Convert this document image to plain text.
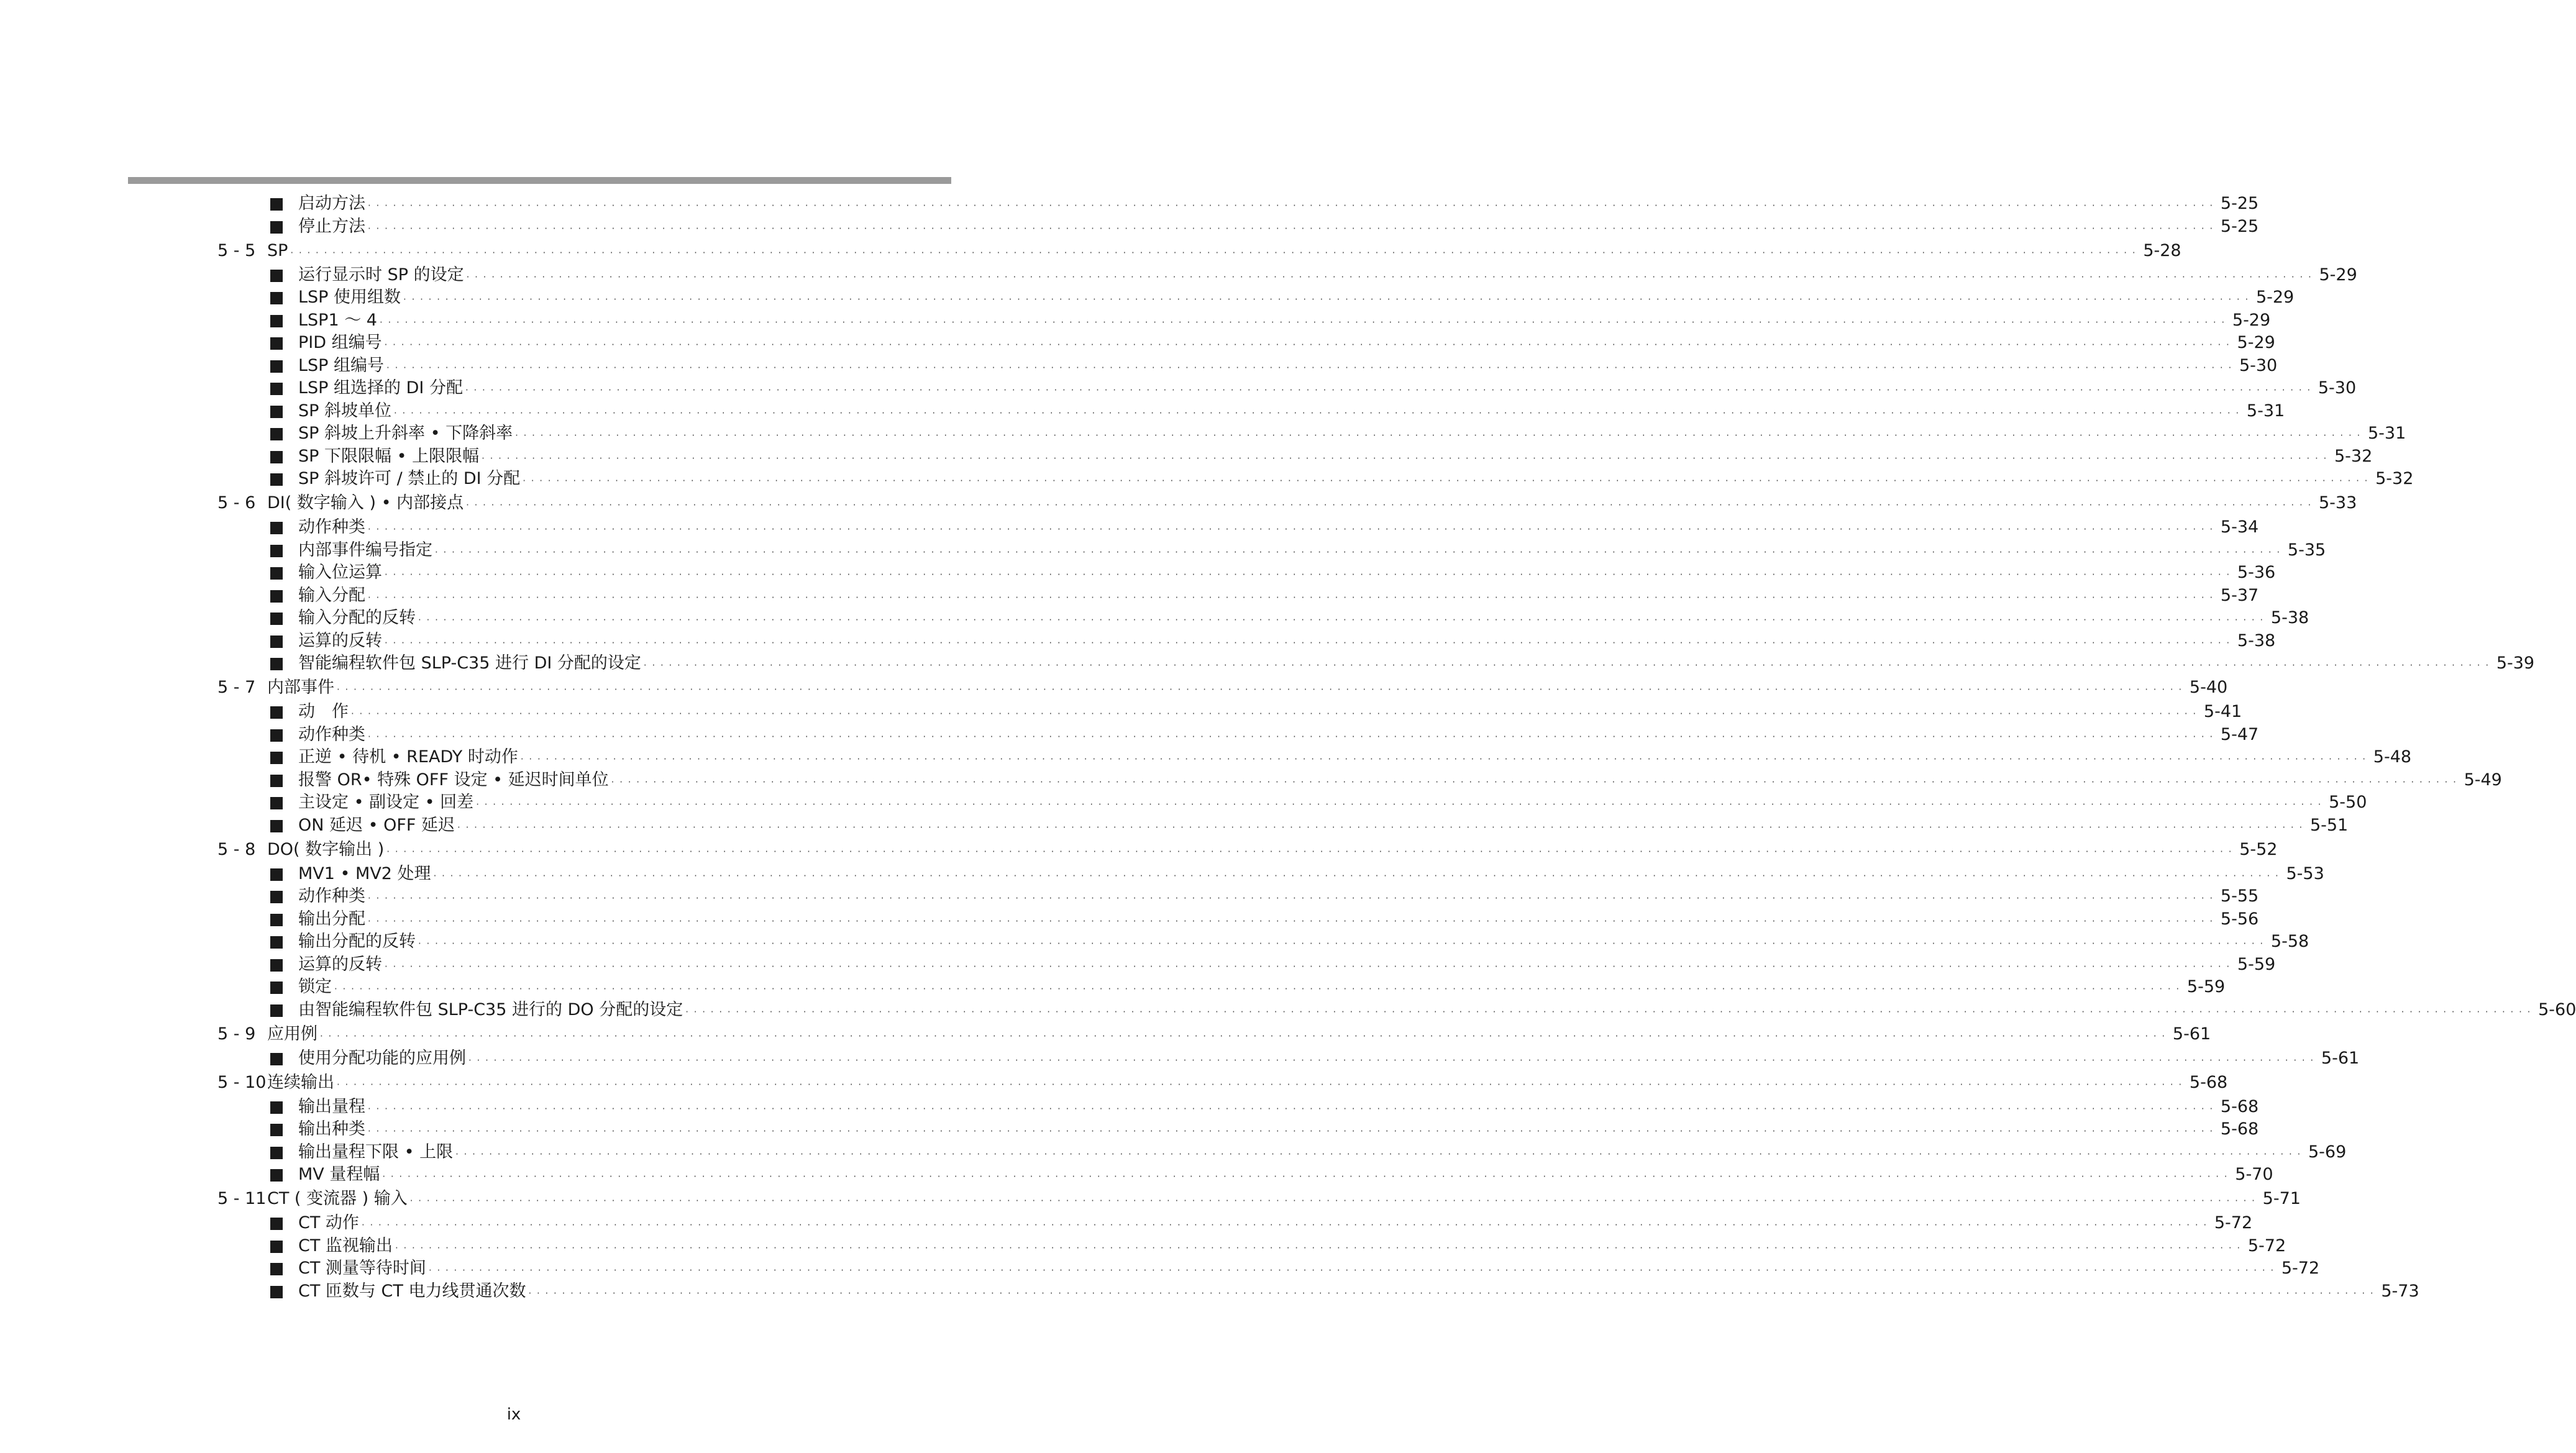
启动方法 · · · · · · · · · · · · · · · · · · · · · · · · · · · · · · · · · · · · · · · · · · · · · · · · · · · · · · · · · · · · · · · · · · · · · · · · · · · · · · · · · · · · · · · · · · · · · · · · · · · · · · · · · · · · · · · · · · · · · · · · · · · · · · · · · · · · · · · · · · · · · · · · · · · · · · · · · · · · · · · · · · · · · · · · · · · · · · · · · · · · · · · · · · · · · · · · · · · · · · · · · · · · · · · · · · · · · · · · · · · · 5-25
停止方法 · · · · · · · · · · · · · · · · · · · · · · · · · · · · · · · · · · · · · · · · · · · · · · · · · · · · · · · · · · · · · · · · · · · · · · · · · · · · · · · · · · · · · · · · · · · · · · · · · · · · · · · · · · · · · · · · · · · · · · · · · · · · · · · · · · · · · · · · · · · · · · · · · · · · · · · · · · · · · · · · · · · · · · · · · · · · · · · · · · · · · · · · · · · · · · · · · · · · · · · · · · · · · · · · · · · · · · · · · · · · 5-25
5 - 5 SP · · · · · · · · · · · · · · · · · · · · · · · · · · · · · · · · · · · · · · · · · · · · · · · · · · · · · · · · · · · · · · · · · · · · · · · · · · · · · · · · · · · · · · · · · · · · · · · · · · · · · · · · · · · · · · · · · · · · · · · · · · · · · · · · · · · · · · · · · · · · · · · · · · · · · · · · · · · · · · · · · · · · · · · · · · · · · · · · · · · · · · · · · · · · · · · · · · · · · · · · · · · · · · · · · · · · · · · · · · · · 5-28
运行显示时 SP 的设定 · · · · · · · · · · · · · · · · · · · · · · · · · · · · · · · · · · · · · · · · · · · · · · · · · · · · · · · · · · · · · · · · · · · · · · · · · · · · · · · · · · · · · · · · · · · · · · · · · · · · · · · · · · · · · · · · · · · · · · · · · · · · · · · · · · · · · · · · · · · · · · · · · · · · · · · · · · · · · · · · · · · · · · · · · · · · · · · · · · · · · · · · · · · · · · · · · · · · · · · · · · · · · · · · · · · · · · · · · · · · 5-29
LSP 使用组数 · · · · · · · · · · · · · · · · · · · · · · · · · · · · · · · · · · · · · · · · · · · · · · · · · · · · · · · · · · · · · · · · · · · · · · · · · · · · · · · · · · · · · · · · · · · · · · · · · · · · · · · · · · · · · · · · · · · · · · · · · · · · · · · · · · · · · · · · · · · · · · · · · · · · · · · · · · · · · · · · · · · · · · · · · · · · · · · · · · · · · · · · · · · · · · · · · · · · · · · · · · · · · · · · · · · · · · · · · · · · 5-29
LSP1 ～ 4 · · · · · · · · · · · · · · · · · · · · · · · · · · · · · · · · · · · · · · · · · · · · · · · · · · · · · · · · · · · · · · · · · · · · · · · · · · · · · · · · · · · · · · · · · · · · · · · · · · · · · · · · · · · · · · · · · · · · · · · · · · · · · · · · · · · · · · · · · · · · · · · · · · · · · · · · · · · · · · · · · · · · · · · · · · · · · · · · · · · · · · · · · · · · · · · · · · · · · · · · · · · · · · · · · · · · · · · · · · · · 5-29
PID 组编号 · · · · · · · · · · · · · · · · · · · · · · · · · · · · · · · · · · · · · · · · · · · · · · · · · · · · · · · · · · · · · · · · · · · · · · · · · · · · · · · · · · · · · · · · · · · · · · · · · · · · · · · · · · · · · · · · · · · · · · · · · · · · · · · · · · · · · · · · · · · · · · · · · · · · · · · · · · · · · · · · · · · · · · · · · · · · · · · · · · · · · · · · · · · · · · · · · · · · · · · · · · · · · · · · · · · · · · · · · · · · 5-29
LSP 组编号 · · · · · · · · · · · · · · · · · · · · · · · · · · · · · · · · · · · · · · · · · · · · · · · · · · · · · · · · · · · · · · · · · · · · · · · · · · · · · · · · · · · · · · · · · · · · · · · · · · · · · · · · · · · · · · · · · · · · · · · · · · · · · · · · · · · · · · · · · · · · · · · · · · · · · · · · · · · · · · · · · · · · · · · · · · · · · · · · · · · · · · · · · · · · · · · · · · · · · · · · · · · · · · · · · · · · · · · · · · · · 5-30
LSP 组选择的 DI 分配 · · · · · · · · · · · · · · · · · · · · · · · · · · · · · · · · · · · · · · · · · · · · · · · · · · · · · · · · · · · · · · · · · · · · · · · · · · · · · · · · · · · · · · · · · · · · · · · · · · · · · · · · · · · · · · · · · · · · · · · · · · · · · · · · · · · · · · · · · · · · · · · · · · · · · · · · · · · · · · · · · · · · · · · · · · · · · · · · · · · · · · · · · · · · · · · · · · · · · · · · · · · · · · · · · · · · · · · · · · · · 5-30
SP 斜坡单位 · · · · · · · · · · · · · · · · · · · · · · · · · · · · · · · · · · · · · · · · · · · · · · · · · · · · · · · · · · · · · · · · · · · · · · · · · · · · · · · · · · · · · · · · · · · · · · · · · · · · · · · · · · · · · · · · · · · · · · · · · · · · · · · · · · · · · · · · · · · · · · · · · · · · · · · · · · · · · · · · · · · · · · · · · · · · · · · · · · · · · · · · · · · · · · · · · · · · · · · · · · · · · · · · · · · · · · · · · · · · 5-31
SP 斜坡上升斜率 • 下降斜率 · · · · · · · · · · · · · · · · · · · · · · · · · · · · · · · · · · · · · · · · · · · · · · · · · · · · · · · · · · · · · · · · · · · · · · · · · · · · · · · · · · · · · · · · · · · · · · · · · · · · · · · · · · · · · · · · · · · · · · · · · · · · · · · · · · · · · · · · · · · · · · · · · · · · · · · · · · · · · · · · · · · · · · · · · · · · · · · · · · · · · · · · · · · · · · · · · · · · · · · · · · · · · · · · · · · · · · · · · · · · 5-31
SP 下限限幅 • 上限限幅 · · · · · · · · · · · · · · · · · · · · · · · · · · · · · · · · · · · · · · · · · · · · · · · · · · · · · · · · · · · · · · · · · · · · · · · · · · · · · · · · · · · · · · · · · · · · · · · · · · · · · · · · · · · · · · · · · · · · · · · · · · · · · · · · · · · · · · · · · · · · · · · · · · · · · · · · · · · · · · · · · · · · · · · · · · · · · · · · · · · · · · · · · · · · · · · · · · · · · · · · · · · · · · · · · · · · · · · · · · · · 5-32
SP 斜坡许可 / 禁止的 DI 分配 · · · · · · · · · · · · · · · · · · · · · · · · · · · · · · · · · · · · · · · · · · · · · · · · · · · · · · · · · · · · · · · · · · · · · · · · · · · · · · · · · · · · · · · · · · · · · · · · · · · · · · · · · · · · · · · · · · · · · · · · · · · · · · · · · · · · · · · · · · · · · · · · · · · · · · · · · · · · · · · · · · · · · · · · · · · · · · · · · · · · · · · · · · · · · · · · · · · · · · · · · · · · · · · · · · · · · · · · · · · · 5-32
5 - 6 DI( 数字输入 ) • 内部接点 · · · · · · · · · · · · · · · · · · · · · · · · · · · · · · · · · · · · · · · · · · · · · · · · · · · · · · · · · · · · · · · · · · · · · · · · · · · · · · · · · · · · · · · · · · · · · · · · · · · · · · · · · · · · · · · · · · · · · · · · · · · · · · · · · · · · · · · · · · · · · · · · · · · · · · · · · · · · · · · · · · · · · · · · · · · · · · · · · · · · · · · · · · · · · · · · · · · · · · · · · · · · · · · · · · · · · · · · · · · · 5-33
动作种类 · · · · · · · · · · · · · · · · · · · · · · · · · · · · · · · · · · · · · · · · · · · · · · · · · · · · · · · · · · · · · · · · · · · · · · · · · · · · · · · · · · · · · · · · · · · · · · · · · · · · · · · · · · · · · · · · · · · · · · · · · · · · · · · · · · · · · · · · · · · · · · · · · · · · · · · · · · · · · · · · · · · · · · · · · · · · · · · · · · · · · · · · · · · · · · · · · · · · · · · · · · · · · · · · · · · · · · · · · · · · 5-34
内部事件编号指定 · · · · · · · · · · · · · · · · · · · · · · · · · · · · · · · · · · · · · · · · · · · · · · · · · · · · · · · · · · · · · · · · · · · · · · · · · · · · · · · · · · · · · · · · · · · · · · · · · · · · · · · · · · · · · · · · · · · · · · · · · · · · · · · · · · · · · · · · · · · · · · · · · · · · · · · · · · · · · · · · · · · · · · · · · · · · · · · · · · · · · · · · · · · · · · · · · · · · · · · · · · · · · · · · · · · · · · · · · · · · 5-35
输入位运算 · · · · · · · · · · · · · · · · · · · · · · · · · · · · · · · · · · · · · · · · · · · · · · · · · · · · · · · · · · · · · · · · · · · · · · · · · · · · · · · · · · · · · · · · · · · · · · · · · · · · · · · · · · · · · · · · · · · · · · · · · · · · · · · · · · · · · · · · · · · · · · · · · · · · · · · · · · · · · · · · · · · · · · · · · · · · · · · · · · · · · · · · · · · · · · · · · · · · · · · · · · · · · · · · · · · · · · · · · · · · 5-36
输入分配 · · · · · · · · · · · · · · · · · · · · · · · · · · · · · · · · · · · · · · · · · · · · · · · · · · · · · · · · · · · · · · · · · · · · · · · · · · · · · · · · · · · · · · · · · · · · · · · · · · · · · · · · · · · · · · · · · · · · · · · · · · · · · · · · · · · · · · · · · · · · · · · · · · · · · · · · · · · · · · · · · · · · · · · · · · · · · · · · · · · · · · · · · · · · · · · · · · · · · · · · · · · · · · · · · · · · · · · · · · · · 5-37
输入分配的反转 · · · · · · · · · · · · · · · · · · · · · · · · · · · · · · · · · · · · · · · · · · · · · · · · · · · · · · · · · · · · · · · · · · · · · · · · · · · · · · · · · · · · · · · · · · · · · · · · · · · · · · · · · · · · · · · · · · · · · · · · · · · · · · · · · · · · · · · · · · · · · · · · · · · · · · · · · · · · · · · · · · · · · · · · · · · · · · · · · · · · · · · · · · · · · · · · · · · · · · · · · · · · · · · · · · · · · · · · · · · · 5-38
运算的反转 · · · · · · · · · · · · · · · · · · · · · · · · · · · · · · · · · · · · · · · · · · · · · · · · · · · · · · · · · · · · · · · · · · · · · · · · · · · · · · · · · · · · · · · · · · · · · · · · · · · · · · · · · · · · · · · · · · · · · · · · · · · · · · · · · · · · · · · · · · · · · · · · · · · · · · · · · · · · · · · · · · · · · · · · · · · · · · · · · · · · · · · · · · · · · · · · · · · · · · · · · · · · · · · · · · · · · · · · · · · · 5-38
智能编程软件包 SLP-C35 进行 DI 分配的设定 · · · · · · · · · · · · · · · · · · · · · · · · · · · · · · · · · · · · · · · · · · · · · · · · · · · · · · · · · · · · · · · · · · · · · · · · · · · · · · · · · · · · · · · · · · · · · · · · · · · · · · · · · · · · · · · · · · · · · · · · · · · · · · · · · · · · · · · · · · · · · · · · · · · · · · · · · · · · · · · · · · · · · · · · · · · · · · · · · · · · · · · · · · · · · · · · · · · · · · · · · · · · · · · · · · · · · · · · · · · · 5-39
5 - 7 内部事件 · · · · · · · · · · · · · · · · · · · · · · · · · · · · · · · · · · · · · · · · · · · · · · · · · · · · · · · · · · · · · · · · · · · · · · · · · · · · · · · · · · · · · · · · · · · · · · · · · · · · · · · · · · · · · · · · · · · · · · · · · · · · · · · · · · · · · · · · · · · · · · · · · · · · · · · · · · · · · · · · · · · · · · · · · · · · · · · · · · · · · · · · · · · · · · · · · · · · · · · · · · · · · · · · · · · · · · · · · · · · 5-40
动　作 · · · · · · · · · · · · · · · · · · · · · · · · · · · · · · · · · · · · · · · · · · · · · · · · · · · · · · · · · · · · · · · · · · · · · · · · · · · · · · · · · · · · · · · · · · · · · · · · · · · · · · · · · · · · · · · · · · · · · · · · · · · · · · · · · · · · · · · · · · · · · · · · · · · · · · · · · · · · · · · · · · · · · · · · · · · · · · · · · · · · · · · · · · · · · · · · · · · · · · · · · · · · · · · · · · · · · · · · · · · · 5-41
动作种类 · · · · · · · · · · · · · · · · · · · · · · · · · · · · · · · · · · · · · · · · · · · · · · · · · · · · · · · · · · · · · · · · · · · · · · · · · · · · · · · · · · · · · · · · · · · · · · · · · · · · · · · · · · · · · · · · · · · · · · · · · · · · · · · · · · · · · · · · · · · · · · · · · · · · · · · · · · · · · · · · · · · · · · · · · · · · · · · · · · · · · · · · · · · · · · · · · · · · · · · · · · · · · · · · · · · · · · · · · · · · 5-47
正逆 • 待机 • READY 时动作 · · · · · · · · · · · · · · · · · · · · · · · · · · · · · · · · · · · · · · · · · · · · · · · · · · · · · · · · · · · · · · · · · · · · · · · · · · · · · · · · · · · · · · · · · · · · · · · · · · · · · · · · · · · · · · · · · · · · · · · · · · · · · · · · · · · · · · · · · · · · · · · · · · · · · · · · · · · · · · · · · · · · · · · · · · · · · · · · · · · · · · · · · · · · · · · · · · · · · · · · · · · · · · · · · · · · · · · · · · · · 5-48
报警 OR• 特殊 OFF 设定 • 延迟时间单位 · · · · · · · · · · · · · · · · · · · · · · · · · · · · · · · · · · · · · · · · · · · · · · · · · · · · · · · · · · · · · · · · · · · · · · · · · · · · · · · · · · · · · · · · · · · · · · · · · · · · · · · · · · · · · · · · · · · · · · · · · · · · · · · · · · · · · · · · · · · · · · · · · · · · · · · · · · · · · · · · · · · · · · · · · · · · · · · · · · · · · · · · · · · · · · · · · · · · · · · · · · · · · · · · · · · · · · · · · · · · 5-49
主设定 • 副设定 • 回差 · · · · · · · · · · · · · · · · · · · · · · · · · · · · · · · · · · · · · · · · · · · · · · · · · · · · · · · · · · · · · · · · · · · · · · · · · · · · · · · · · · · · · · · · · · · · · · · · · · · · · · · · · · · · · · · · · · · · · · · · · · · · · · · · · · · · · · · · · · · · · · · · · · · · · · · · · · · · · · · · · · · · · · · · · · · · · · · · · · · · · · · · · · · · · · · · · · · · · · · · · · · · · · · · · · · · · · · · · · · · 5-50
ON 延迟 • OFF 延迟 · · · · · · · · · · · · · · · · · · · · · · · · · · · · · · · · · · · · · · · · · · · · · · · · · · · · · · · · · · · · · · · · · · · · · · · · · · · · · · · · · · · · · · · · · · · · · · · · · · · · · · · · · · · · · · · · · · · · · · · · · · · · · · · · · · · · · · · · · · · · · · · · · · · · · · · · · · · · · · · · · · · · · · · · · · · · · · · · · · · · · · · · · · · · · · · · · · · · · · · · · · · · · · · · · · · · · · · · · · · · 5-51
5 - 8 DO( 数字输出 ) · · · · · · · · · · · · · · · · · · · · · · · · · · · · · · · · · · · · · · · · · · · · · · · · · · · · · · · · · · · · · · · · · · · · · · · · · · · · · · · · · · · · · · · · · · · · · · · · · · · · · · · · · · · · · · · · · · · · · · · · · · · · · · · · · · · · · · · · · · · · · · · · · · · · · · · · · · · · · · · · · · · · · · · · · · · · · · · · · · · · · · · · · · · · · · · · · · · · · · · · · · · · · · · · · · · · · · · · · · · · 5-52
MV1 • MV2 处理 · · · · · · · · · · · · · · · · · · · · · · · · · · · · · · · · · · · · · · · · · · · · · · · · · · · · · · · · · · · · · · · · · · · · · · · · · · · · · · · · · · · · · · · · · · · · · · · · · · · · · · · · · · · · · · · · · · · · · · · · · · · · · · · · · · · · · · · · · · · · · · · · · · · · · · · · · · · · · · · · · · · · · · · · · · · · · · · · · · · · · · · · · · · · · · · · · · · · · · · · · · · · · · · · · · · · · · · · · · · · 5-53
动作种类 · · · · · · · · · · · · · · · · · · · · · · · · · · · · · · · · · · · · · · · · · · · · · · · · · · · · · · · · · · · · · · · · · · · · · · · · · · · · · · · · · · · · · · · · · · · · · · · · · · · · · · · · · · · · · · · · · · · · · · · · · · · · · · · · · · · · · · · · · · · · · · · · · · · · · · · · · · · · · · · · · · · · · · · · · · · · · · · · · · · · · · · · · · · · · · · · · · · · · · · · · · · · · · · · · · · · · · · · · · · · 5-55
输出分配 · · · · · · · · · · · · · · · · · · · · · · · · · · · · · · · · · · · · · · · · · · · · · · · · · · · · · · · · · · · · · · · · · · · · · · · · · · · · · · · · · · · · · · · · · · · · · · · · · · · · · · · · · · · · · · · · · · · · · · · · · · · · · · · · · · · · · · · · · · · · · · · · · · · · · · · · · · · · · · · · · · · · · · · · · · · · · · · · · · · · · · · · · · · · · · · · · · · · · · · · · · · · · · · · · · · · · · · · · · · · 5-56
输出分配的反转 · · · · · · · · · · · · · · · · · · · · · · · · · · · · · · · · · · · · · · · · · · · · · · · · · · · · · · · · · · · · · · · · · · · · · · · · · · · · · · · · · · · · · · · · · · · · · · · · · · · · · · · · · · · · · · · · · · · · · · · · · · · · · · · · · · · · · · · · · · · · · · · · · · · · · · · · · · · · · · · · · · · · · · · · · · · · · · · · · · · · · · · · · · · · · · · · · · · · · · · · · · · · · · · · · · · · · · · · · · · · 5-58
运算的反转 · · · · · · · · · · · · · · · · · · · · · · · · · · · · · · · · · · · · · · · · · · · · · · · · · · · · · · · · · · · · · · · · · · · · · · · · · · · · · · · · · · · · · · · · · · · · · · · · · · · · · · · · · · · · · · · · · · · · · · · · · · · · · · · · · · · · · · · · · · · · · · · · · · · · · · · · · · · · · · · · · · · · · · · · · · · · · · · · · · · · · · · · · · · · · · · · · · · · · · · · · · · · · · · · · · · · · · · · · · · · 5-59
锁定 · · · · · · · · · · · · · · · · · · · · · · · · · · · · · · · · · · · · · · · · · · · · · · · · · · · · · · · · · · · · · · · · · · · · · · · · · · · · · · · · · · · · · · · · · · · · · · · · · · · · · · · · · · · · · · · · · · · · · · · · · · · · · · · · · · · · · · · · · · · · · · · · · · · · · · · · · · · · · · · · · · · · · · · · · · · · · · · · · · · · · · · · · · · · · · · · · · · · · · · · · · · · · · · · · · · · · · · · · · · · 5-59
由智能编程软件包 SLP-C35 进行的 DO 分配的设定 · · · · · · · · · · · · · · · · · · · · · · · · · · · · · · · · · · · · · · · · · · · · · · · · · · · · · · · · · · · · · · · · · · · · · · · · · · · · · · · · · · · · · · · · · · · · · · · · · · · · · · · · · · · · · · · · · · · · · · · · · · · · · · · · · · · · · · · · · · · · · · · · · · · · · · · · · · · · · · · · · · · · · · · · · · · · · · · · · · · · · · · · · · · · · · · · · · · · · · · · · · · · · · · · · · · · · · · · · · · · 5-60
5 - 9 应用例 · · · · · · · · · · · · · · · · · · · · · · · · · · · · · · · · · · · · · · · · · · · · · · · · · · · · · · · · · · · · · · · · · · · · · · · · · · · · · · · · · · · · · · · · · · · · · · · · · · · · · · · · · · · · · · · · · · · · · · · · · · · · · · · · · · · · · · · · · · · · · · · · · · · · · · · · · · · · · · · · · · · · · · · · · · · · · · · · · · · · · · · · · · · · · · · · · · · · · · · · · · · · · · · · · · · · · · · · · · · · 5-61
使用分配功能的应用例 · · · · · · · · · · · · · · · · · · · · · · · · · · · · · · · · · · · · · · · · · · · · · · · · · · · · · · · · · · · · · · · · · · · · · · · · · · · · · · · · · · · · · · · · · · · · · · · · · · · · · · · · · · · · · · · · · · · · · · · · · · · · · · · · · · · · · · · · · · · · · · · · · · · · · · · · · · · · · · · · · · · · · · · · · · · · · · · · · · · · · · · · · · · · · · · · · · · · · · · · · · · · · · · · · · · · · · · · · · · · 5-61
5 - 10 连续输出 · · · · · · · · · · · · · · · · · · · · · · · · · · · · · · · · · · · · · · · · · · · · · · · · · · · · · · · · · · · · · · · · · · · · · · · · · · · · · · · · · · · · · · · · · · · · · · · · · · · · · · · · · · · · · · · · · · · · · · · · · · · · · · · · · · · · · · · · · · · · · · · · · · · · · · · · · · · · · · · · · · · · · · · · · · · · · · · · · · · · · · · · · · · · · · · · · · · · · · · · · · · · · · · · · · · · · · · · · · · · 5-68
输出量程 · · · · · · · · · · · · · · · · · · · · · · · · · · · · · · · · · · · · · · · · · · · · · · · · · · · · · · · · · · · · · · · · · · · · · · · · · · · · · · · · · · · · · · · · · · · · · · · · · · · · · · · · · · · · · · · · · · · · · · · · · · · · · · · · · · · · · · · · · · · · · · · · · · · · · · · · · · · · · · · · · · · · · · · · · · · · · · · · · · · · · · · · · · · · · · · · · · · · · · · · · · · · · · · · · · · · · · · · · · · · 5-68
输出种类 · · · · · · · · · · · · · · · · · · · · · · · · · · · · · · · · · · · · · · · · · · · · · · · · · · · · · · · · · · · · · · · · · · · · · · · · · · · · · · · · · · · · · · · · · · · · · · · · · · · · · · · · · · · · · · · · · · · · · · · · · · · · · · · · · · · · · · · · · · · · · · · · · · · · · · · · · · · · · · · · · · · · · · · · · · · · · · · · · · · · · · · · · · · · · · · · · · · · · · · · · · · · · · · · · · · · · · · · · · · · 5-68
输出量程下限 • 上限 · · · · · · · · · · · · · · · · · · · · · · · · · · · · · · · · · · · · · · · · · · · · · · · · · · · · · · · · · · · · · · · · · · · · · · · · · · · · · · · · · · · · · · · · · · · · · · · · · · · · · · · · · · · · · · · · · · · · · · · · · · · · · · · · · · · · · · · · · · · · · · · · · · · · · · · · · · · · · · · · · · · · · · · · · · · · · · · · · · · · · · · · · · · · · · · · · · · · · · · · · · · · · · · · · · · · · · · · · · · · 5-69
MV 量程幅 · · · · · · · · · · · · · · · · · · · · · · · · · · · · · · · · · · · · · · · · · · · · · · · · · · · · · · · · · · · · · · · · · · · · · · · · · · · · · · · · · · · · · · · · · · · · · · · · · · · · · · · · · · · · · · · · · · · · · · · · · · · · · · · · · · · · · · · · · · · · · · · · · · · · · · · · · · · · · · · · · · · · · · · · · · · · · · · · · · · · · · · · · · · · · · · · · · · · · · · · · · · · · · · · · · · · · · · · · · · · 5-70
5 - 11 CT ( 变流器 ) 输入 · · · · · · · · · · · · · · · · · · · · · · · · · · · · · · · · · · · · · · · · · · · · · · · · · · · · · · · · · · · · · · · · · · · · · · · · · · · · · · · · · · · · · · · · · · · · · · · · · · · · · · · · · · · · · · · · · · · · · · · · · · · · · · · · · · · · · · · · · · · · · · · · · · · · · · · · · · · · · · · · · · · · · · · · · · · · · · · · · · · · · · · · · · · · · · · · · · · · · · · · · · · · · · · · · · · · · · · · · · · · 5-71
CT 动作 · · · · · · · · · · · · · · · · · · · · · · · · · · · · · · · · · · · · · · · · · · · · · · · · · · · · · · · · · · · · · · · · · · · · · · · · · · · · · · · · · · · · · · · · · · · · · · · · · · · · · · · · · · · · · · · · · · · · · · · · · · · · · · · · · · · · · · · · · · · · · · · · · · · · · · · · · · · · · · · · · · · · · · · · · · · · · · · · · · · · · · · · · · · · · · · · · · · · · · · · · · · · · · · · · · · · · · · · · · · · 5-72
CT 监视输出 · · · · · · · · · · · · · · · · · · · · · · · · · · · · · · · · · · · · · · · · · · · · · · · · · · · · · · · · · · · · · · · · · · · · · · · · · · · · · · · · · · · · · · · · · · · · · · · · · · · · · · · · · · · · · · · · · · · · · · · · · · · · · · · · · · · · · · · · · · · · · · · · · · · · · · · · · · · · · · · · · · · · · · · · · · · · · · · · · · · · · · · · · · · · · · · · · · · · · · · · · · · · · · · · · · · · · · · · · · · · 5-72
CT 测量等待时间 · · · · · · · · · · · · · · · · · · · · · · · · · · · · · · · · · · · · · · · · · · · · · · · · · · · · · · · · · · · · · · · · · · · · · · · · · · · · · · · · · · · · · · · · · · · · · · · · · · · · · · · · · · · · · · · · · · · · · · · · · · · · · · · · · · · · · · · · · · · · · · · · · · · · · · · · · · · · · · · · · · · · · · · · · · · · · · · · · · · · · · · · · · · · · · · · · · · · · · · · · · · · · · · · · · · · · · · · · · · · 5-72
CT 匝数与 CT 电力线贯通次数 · · · · · · · · · · · · · · · · · · · · · · · · · · · · · · · · · · · · · · · · · · · · · · · · · · · · · · · · · · · · · · · · · · · · · · · · · · · · · · · · · · · · · · · · · · · · · · · · · · · · · · · · · · · · · · · · · · · · · · · · · · · · · · · · · · · · · · · · · · · · · · · · · · · · · · · · · · · · · · · · · · · · · · · · · · · · · · · · · · · · · · · · · · · · · · · · · · · · · · · · · · · · · · · · · · · · · · · · · · · · 5-73
ix
